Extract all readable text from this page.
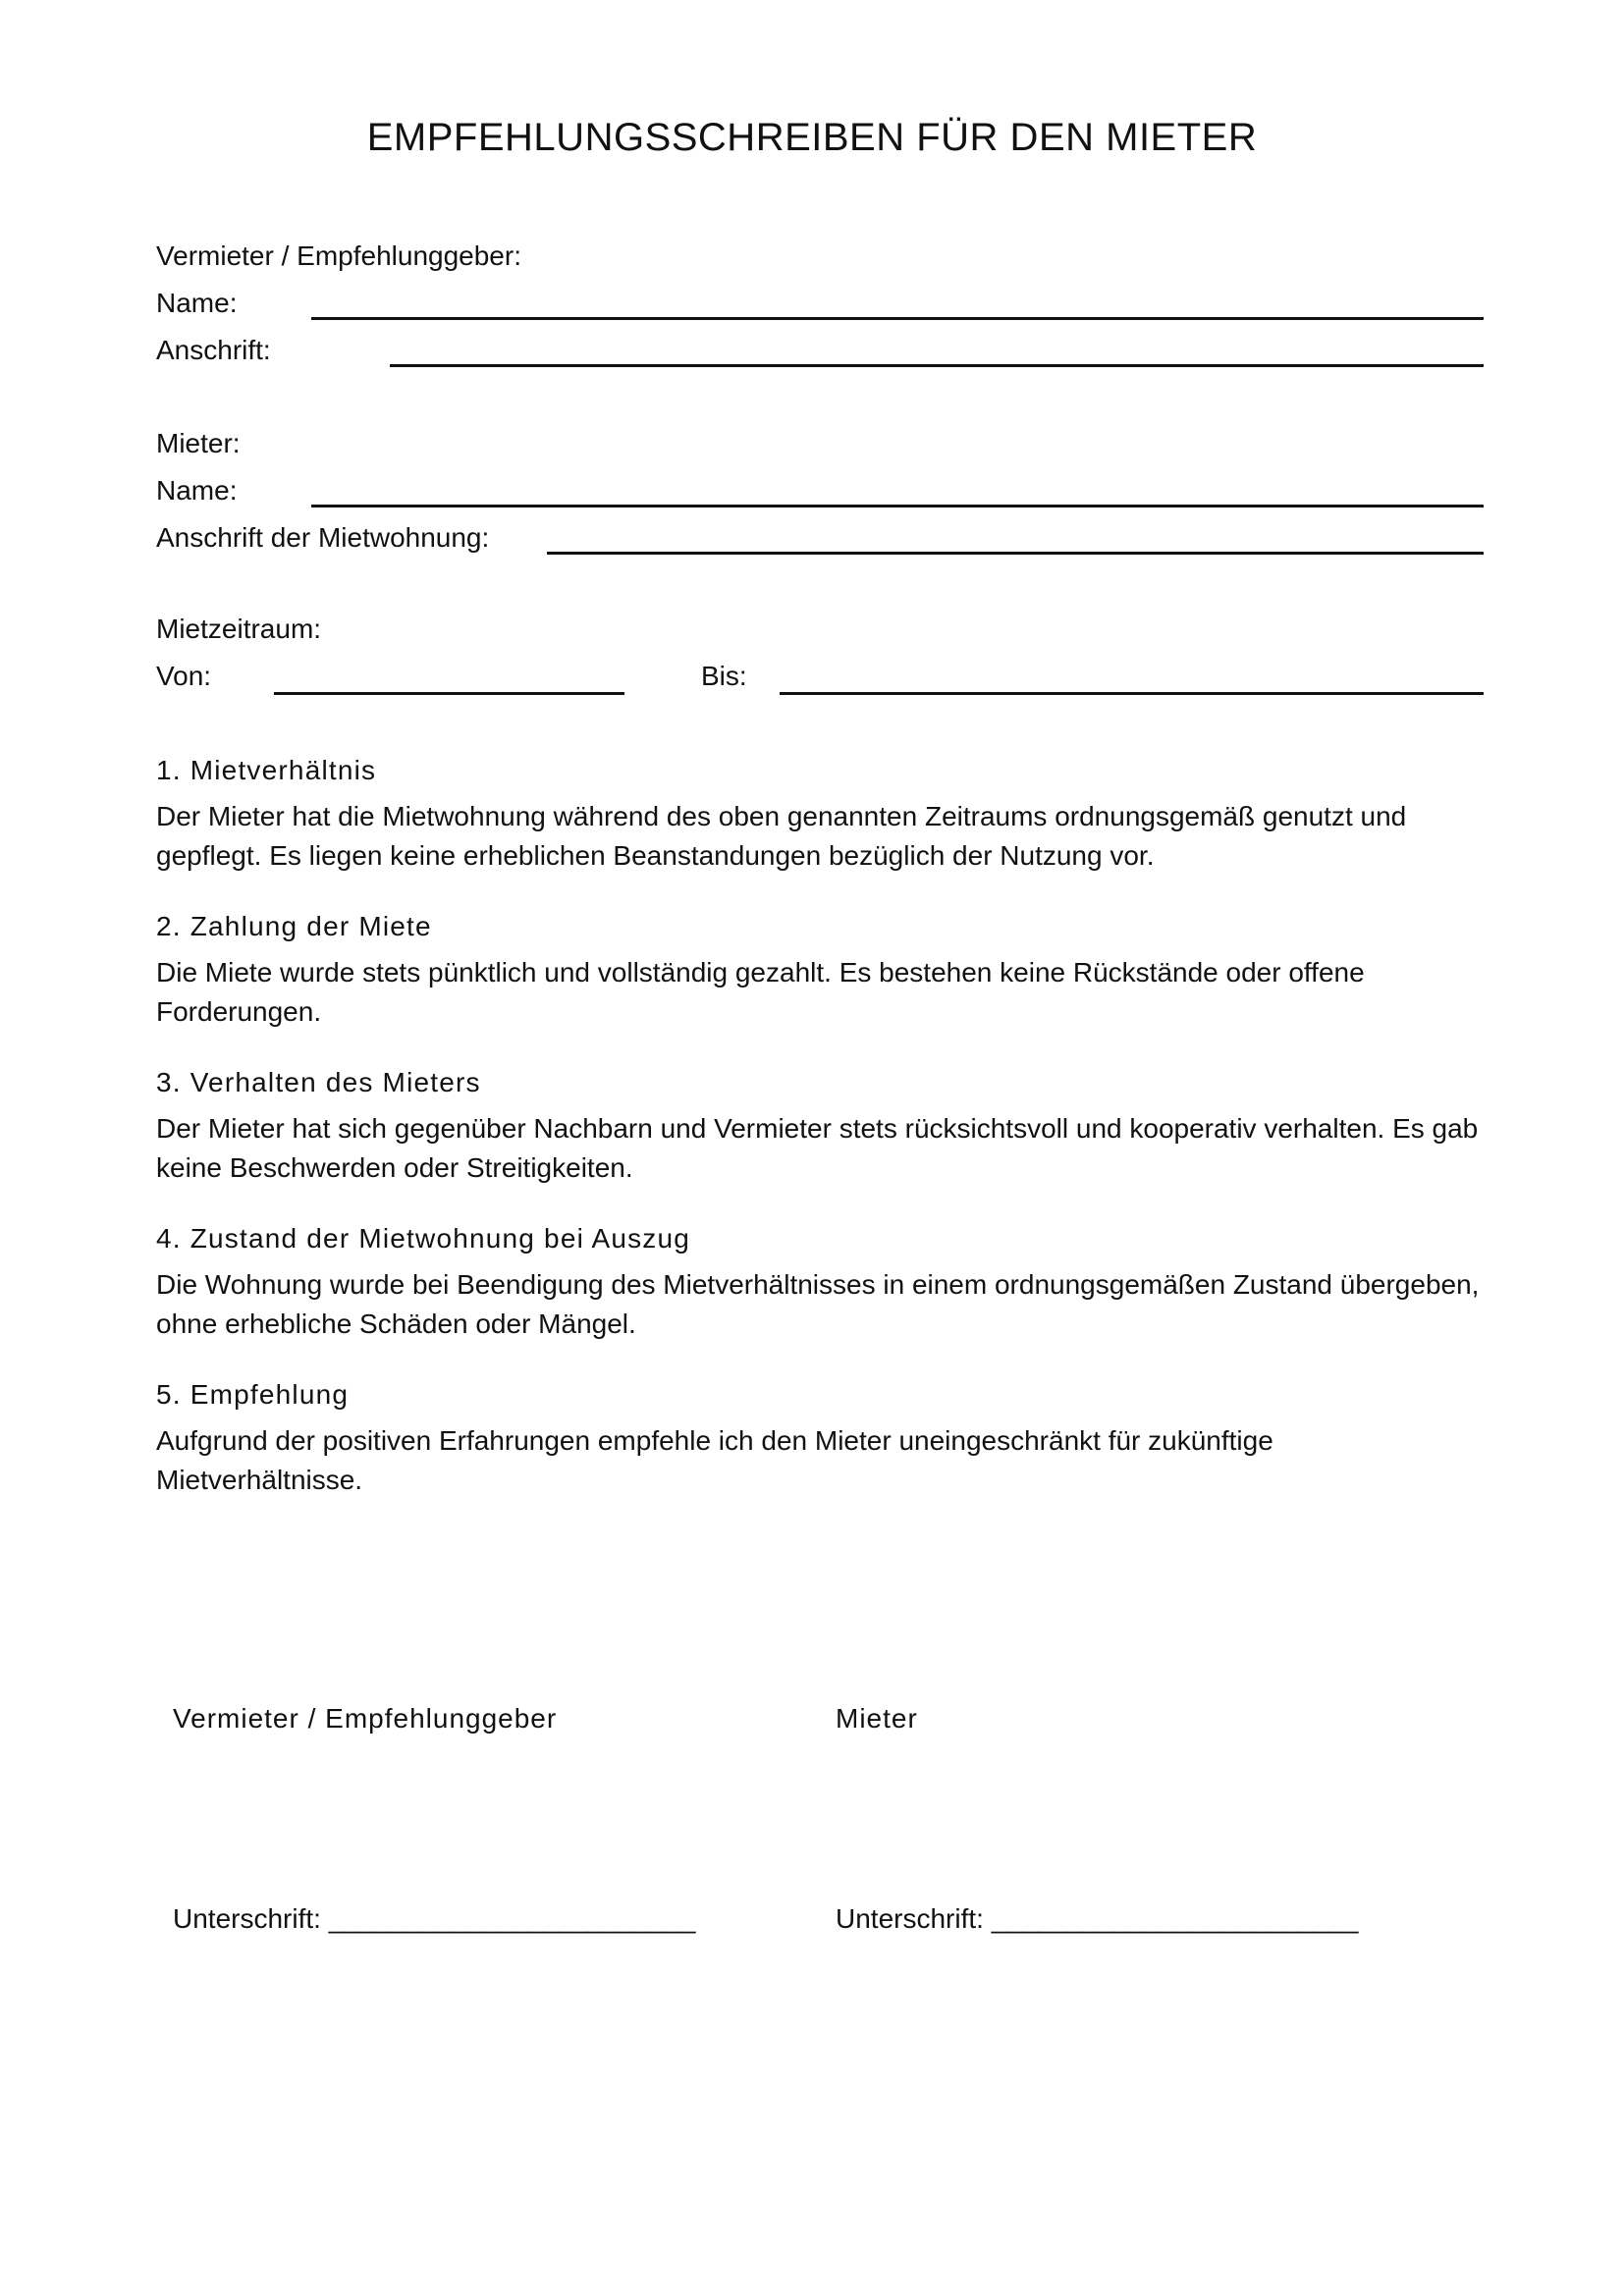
EMPFEHLUNGSSCHREIBEN FÜR DEN MIETER
Vermieter / Empfehlunggeber:
Name:
Anschrift:
Mieter:
Name:
Anschrift der Mietwohnung:
Mietzeitraum:
Von:	Bis:
1. Mietverhältnis
Der Mieter hat die Mietwohnung während des oben genannten Zeitraums ordnungsgemäß genutzt und gepflegt. Es liegen keine erheblichen Beanstandungen bezüglich der Nutzung vor.
2. Zahlung der Miete
Die Miete wurde stets pünktlich und vollständig gezahlt. Es bestehen keine Rückstände oder offene Forderungen.
3. Verhalten des Mieters
Der Mieter hat sich gegenüber Nachbarn und Vermieter stets rücksichtsvoll und kooperativ verhalten. Es gab keine Beschwerden oder Streitigkeiten.
4. Zustand der Mietwohnung bei Auszug
Die Wohnung wurde bei Beendigung des Mietverhältnisses in einem ordnungsgemäßen Zustand übergeben, ohne erhebliche Schäden oder Mängel.
5. Empfehlung
Aufgrund der positiven Erfahrungen empfehle ich den Mieter uneingeschränkt für zukünftige Mietverhältnisse.
Vermieter / Empfehlunggeber	Mieter
Unterschrift: ________________________	Unterschrift: ________________________
